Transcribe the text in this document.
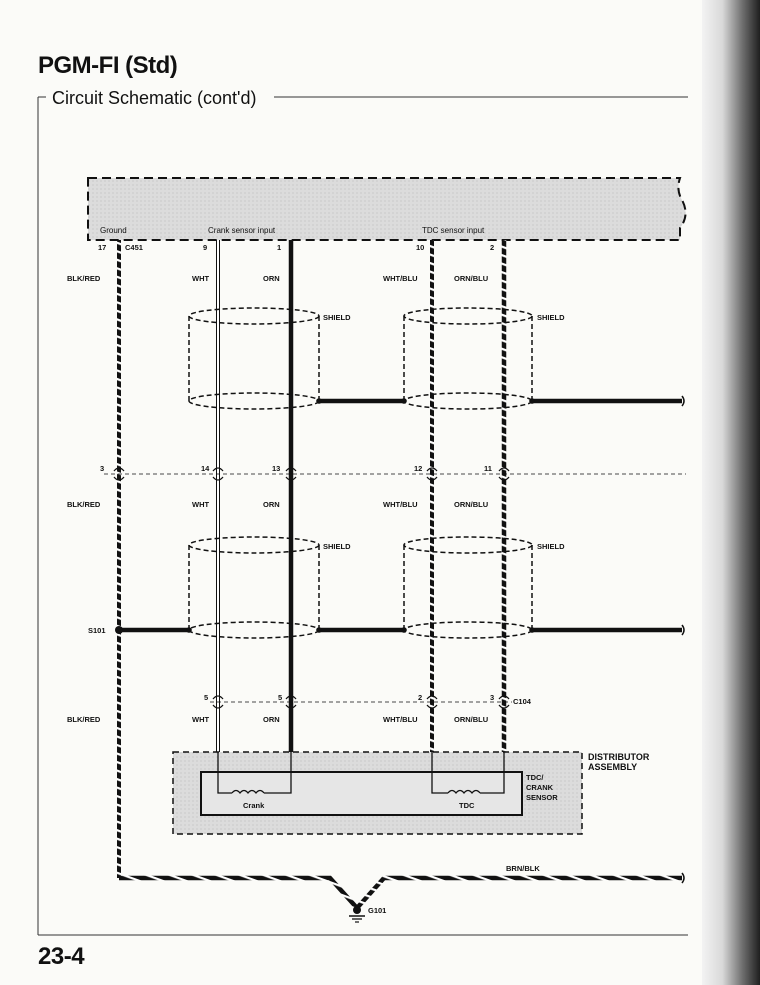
PGM-FI (Std)
Circuit Schematic (cont'd)
23-4
Ground	Crank sensor input	TDC sensor input
17 C451	9	1	10	2
BLK/RED	WHT	ORN	WHT/BLU	ORN/BLU
BLK/RED	WHT	ORN	WHT/BLU	ORN/BLU
BLK/RED	WHT	ORN	WHT/BLU	ORN/BLU
SHIELD	SHIELD
3	14	13	12	11
SHIELD	SHIELD
S101
5	5	2	3	C104
DISTRIBUTOR
ASSEMBLY
TDC/
CRANK
SENSOR
Crank	TDC
BRN/BLK
G101
